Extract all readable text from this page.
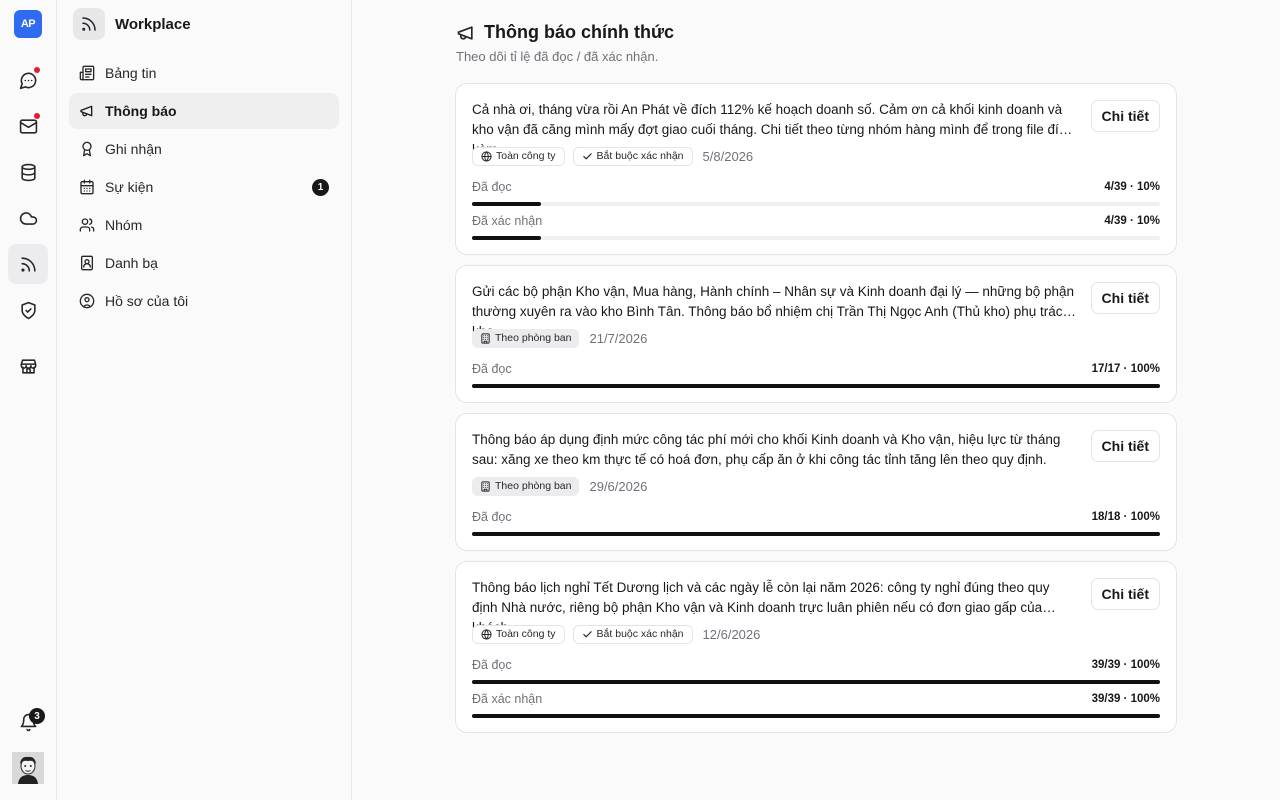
AP
3
Workplace
Bảng tin
Thông báo
Ghi nhận
Sự kiện	1
Nhóm
Danh bạ
Hồ sơ của tôi
Thông báo chính thức
Theo dõi tỉ lệ đã đọc / đã xác nhận.
Cả nhà ơi, tháng vừa rồi An Phát về đích 112% kế hoạch doanh số. Cảm ơn cả khối kinh doanh và kho vận đã căng mình mấy đợt giao cuối tháng. Chi tiết theo từng nhóm hàng mình để trong file đính
Chi tiết
Toàn công ty	Bắt buộc xác nhận 5/8/2026
Đã đọc	4/39 · 10%
Đã xác nhận	4/39 · 10%
Gửi các bộ phận Kho vận, Mua hàng, Hành chính – Nhân sự và Kinh doanh đại lý — những bộ phận thường xuyên ra vào kho Bình Tân. Thông báo bổ nhiệm chị Trần Thị Ngọc Anh (Thủ kho) phụ trách
Chi tiết
Theo phòng ban 21/7/2026
Đã đọc	17/17 · 100%
Thông báo áp dụng định mức công tác phí mới cho khối Kinh doanh và Kho vận, hiệu lực từ tháng sau: xăng xe theo km thực tế có hoá đơn, phụ cấp ăn ở khi công tác tỉnh tăng lên theo quy định.
Chi tiết
Theo phòng ban 29/6/2026
Đã đọc	18/18 · 100%
Thông báo lịch nghỉ Tết Dương lịch và các ngày lễ còn lại năm 2026: công ty nghỉ đúng theo quy định Nhà nước, riêng bộ phận Kho vận và Kinh doanh trực luân phiên nếu có đơn giao gấp của
Chi tiết
Toàn công ty	Bắt buộc xác nhận 12/6/2026
Đã đọc	39/39 · 100%
Đã xác nhận	39/39 · 100%
